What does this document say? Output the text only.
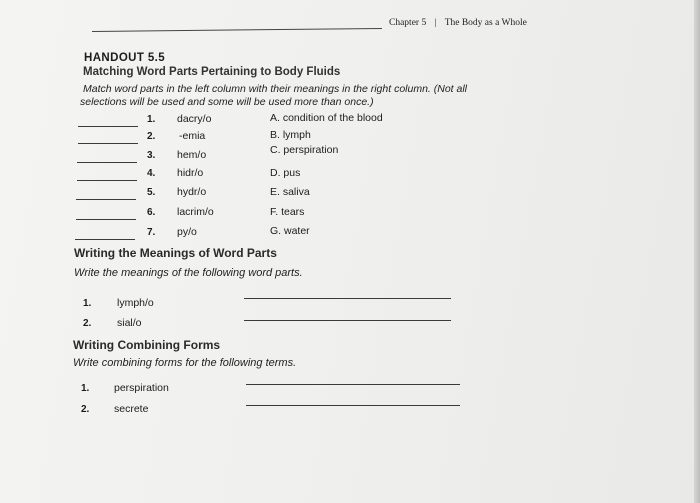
Chapter 5 | The Body as a Whole
HANDOUT 5.5
Matching Word Parts Pertaining to Body Fluids
Match word parts in the left column with their meanings in the right column. (Not all
selections will be used and some will be used more than once.)
1. dacry/o
2. -emia
3. hem/o
4. hidr/o
5. hydr/o
6. lacrim/o
7. py/o
A. condition of the blood
B. lymph
C. perspiration
D. pus
E. saliva
F. tears
G. water
Writing the Meanings of Word Parts
Write the meanings of the following word parts.
1. lymph/o
2. sial/o
Writing Combining Forms
Write combining forms for the following terms.
1. perspiration
2. secrete
